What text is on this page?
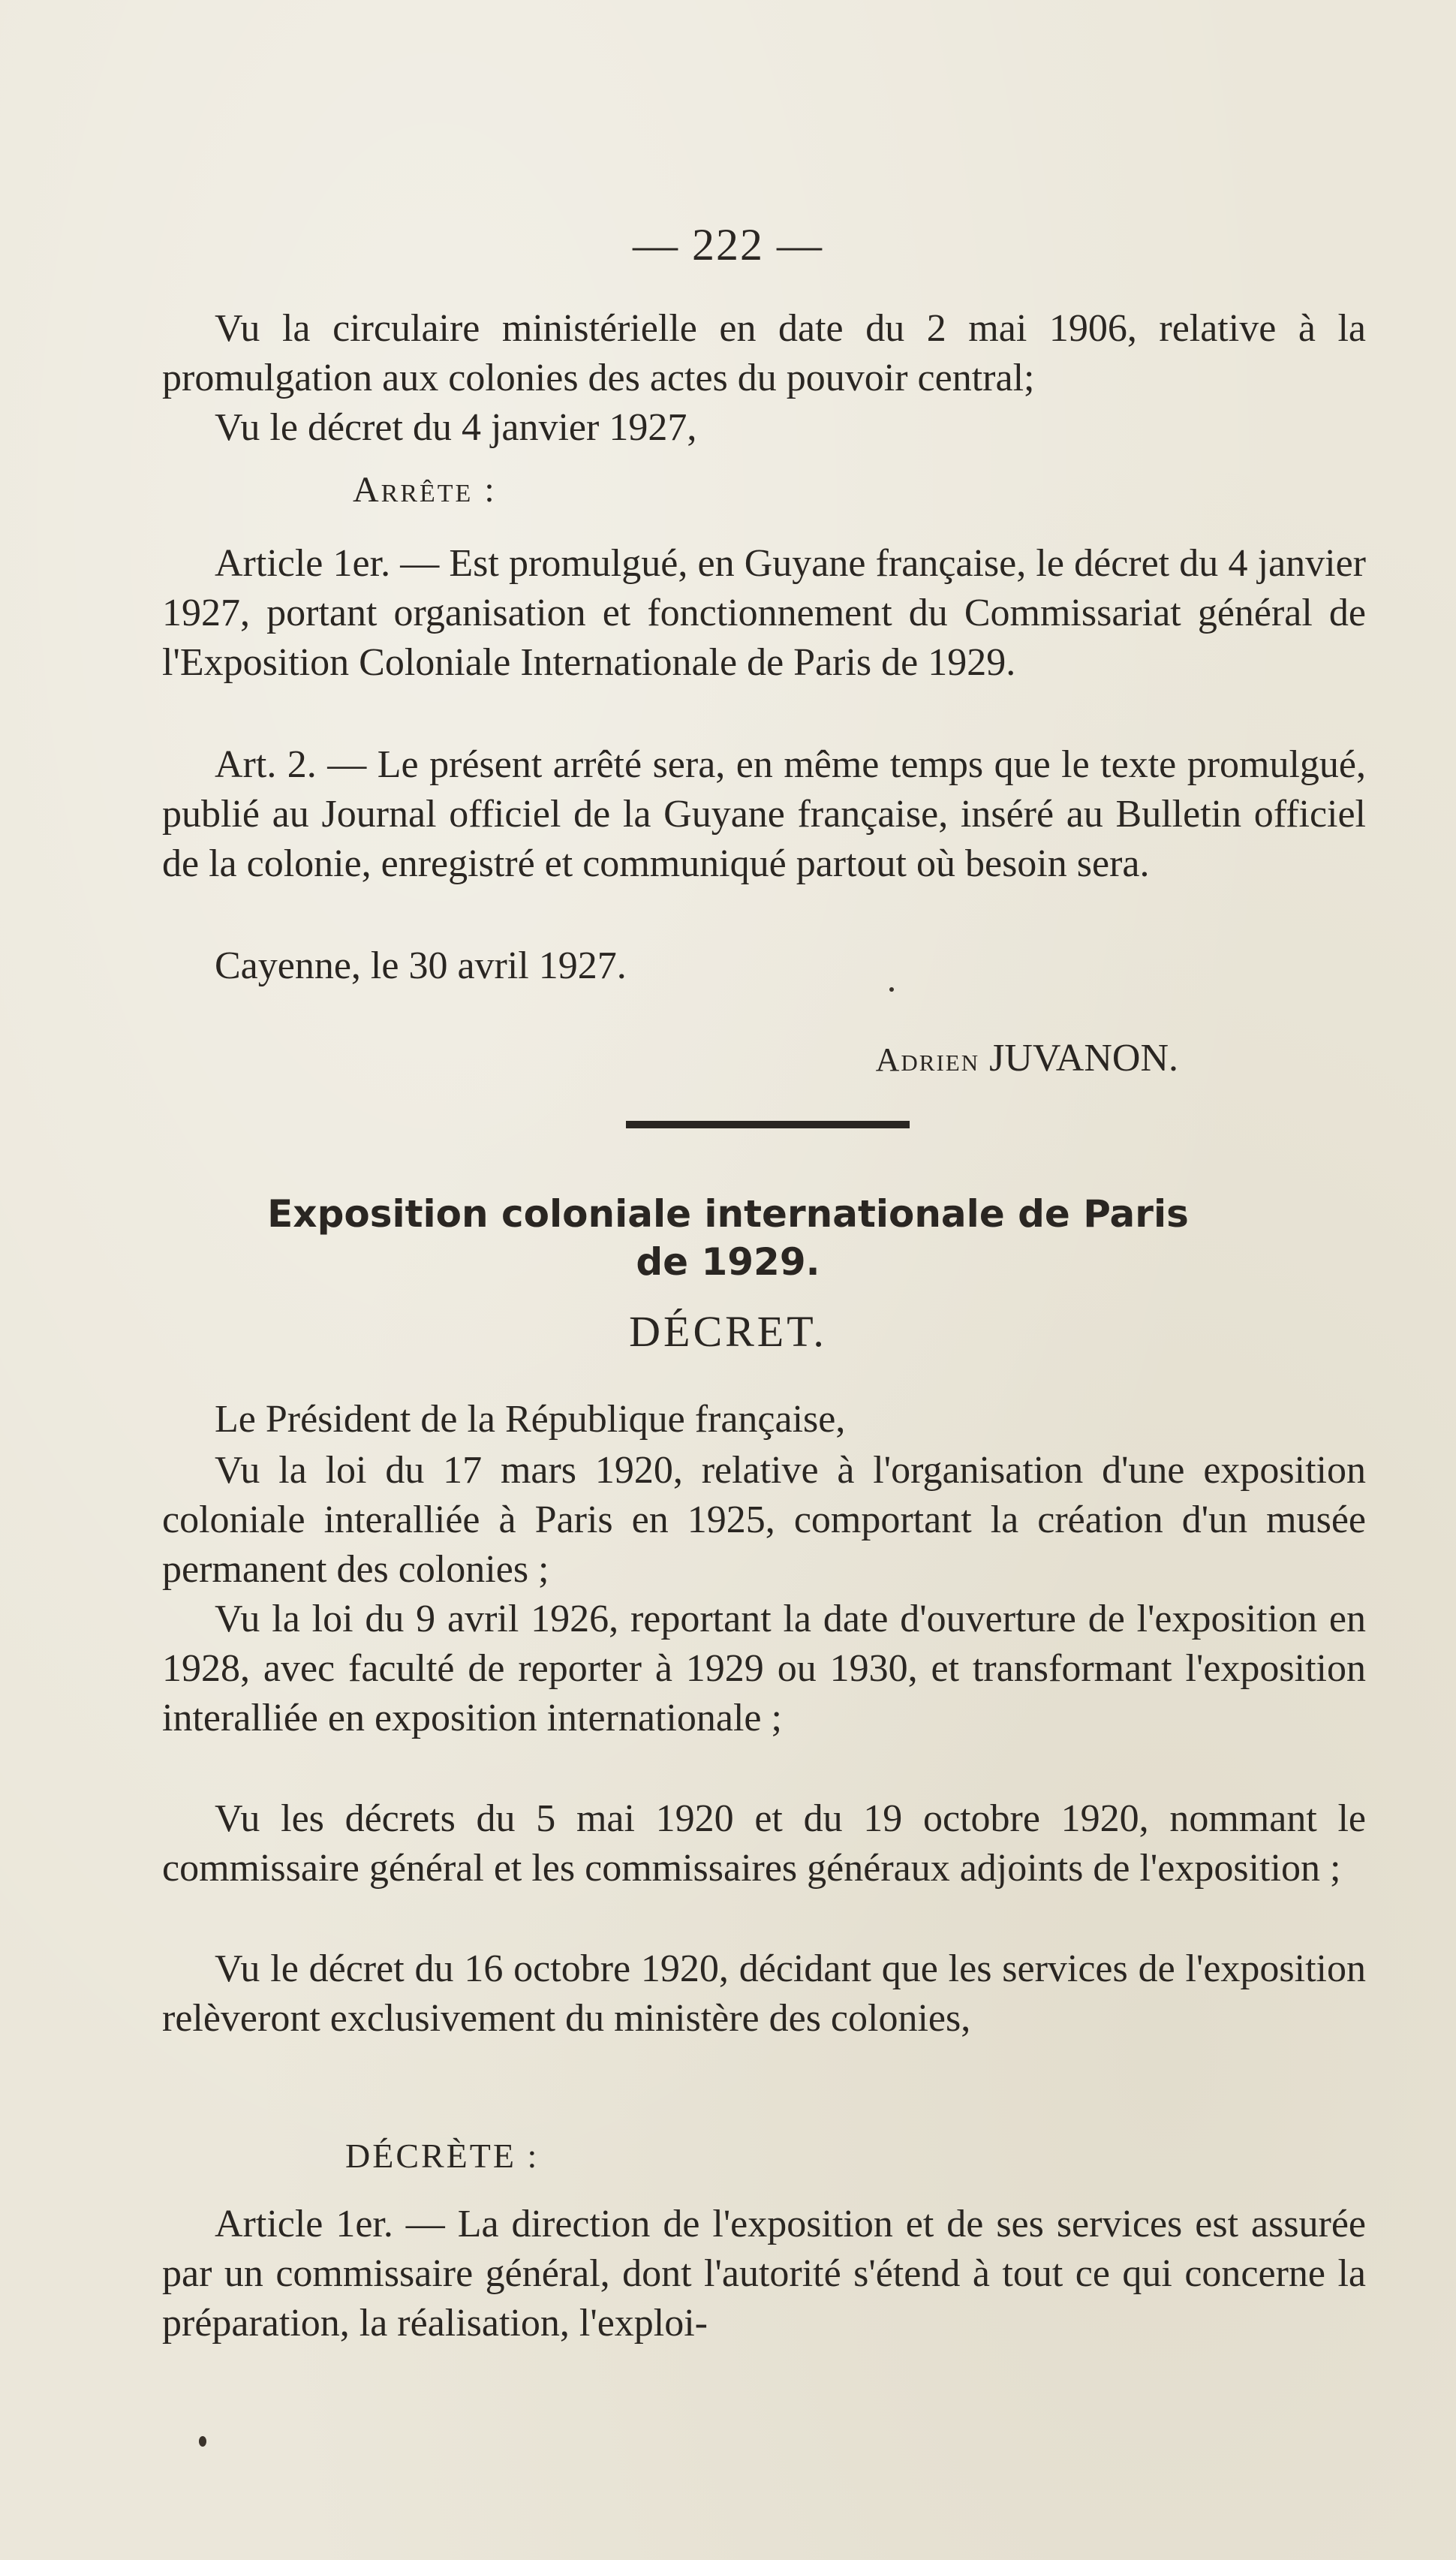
— 222 —

Vu la circulaire ministérielle en date du 2 mai 1906, relative à la promulgation aux colonies des actes du pouvoir central;

Vu le décret du 4 janvier 1927,

Arrête :

Article 1er. — Est promulgué, en Guyane française, le décret du 4 janvier 1927, portant organisation et fonctionnement du Commissariat général de l'Exposition Coloniale Internationale de Paris de 1929.

Art. 2. — Le présent arrêté sera, en même temps que le texte promulgué, publié au Journal officiel de la Guyane française, inséré au Bulletin officiel de la colonie, enregistré et communiqué partout où besoin sera.

Cayenne, le 30 avril 1927.

Adrien JUVANON.
Exposition coloniale internationale de Paris
de 1929.
DÉCRET.

Le Président de la République française,

Vu la loi du 17 mars 1920, relative à l'organisation d'une exposition coloniale interalliée à Paris en 1925, comportant la création d'un musée permanent des colonies ;

Vu la loi du 9 avril 1926, reportant la date d'ouverture de l'exposition en 1928, avec faculté de reporter à 1929 ou 1930, et transformant l'exposition interalliée en exposition internationale ;

Vu les décrets du 5 mai 1920 et du 19 octobre 1920, nommant le commissaire général et les commissaires généraux adjoints de l'exposition ;

Vu le décret du 16 octobre 1920, décidant que les services de l'exposition relèveront exclusivement du ministère des colonies,

DÉCRÈTE :

Article 1er. — La direction de l'exposition et de ses services est assurée par un commissaire général, dont l'autorité s'étend à tout ce qui concerne la préparation, la réalisation, l'exploi-
